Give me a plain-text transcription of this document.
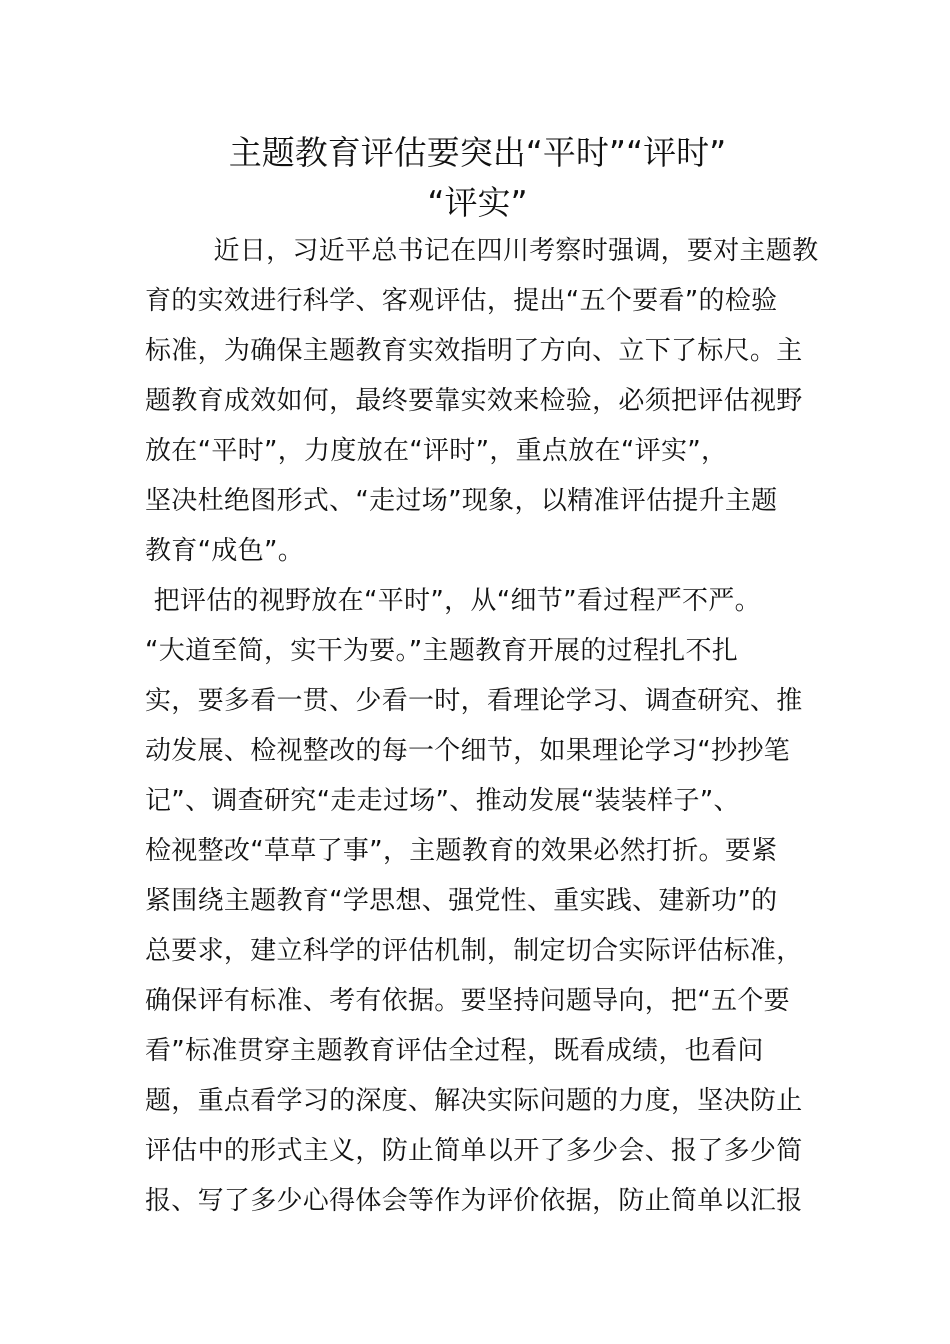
主题教育评估要突出“平时”“评时”
“评实”
近日，习近平总书记在四川考察时强调，要对主题教
育的实效进行科学、客观评估，提出“五个要看”的检验
标准，为确保主题教育实效指明了方向、立下了标尺。主
题教育成效如何，最终要靠实效来检验，必须把评估视野
放在“平时”，力度放在“评时”，重点放在“评实”，
坚决杜绝图形式、“走过场”现象，以精准评估提升主题
教育“成色”。
把评估的视野放在“平时”，从“细节”看过程严不严。
“大道至简，实干为要。”主题教育开展的过程扎不扎
实，要多看一贯、少看一时，看理论学习、调查研究、推
动发展、检视整改的每一个细节，如果理论学习“抄抄笔
记”、调查研究“走走过场”、推动发展“装装样子”、
检视整改“草草了事”，主题教育的效果必然打折。要紧
紧围绕主题教育“学思想、强党性、重实践、建新功”的
总要求，建立科学的评估机制，制定切合实际评估标准，
确保评有标准、考有依据。要坚持问题导向，把“五个要
看”标准贯穿主题教育评估全过程，既看成绩，也看问
题，重点看学习的深度、解决实际问题的力度，坚决防止
评估中的形式主义，防止简单以开了多少会、报了多少简
报、写了多少心得体会等作为评价依据，防止简单以汇报
